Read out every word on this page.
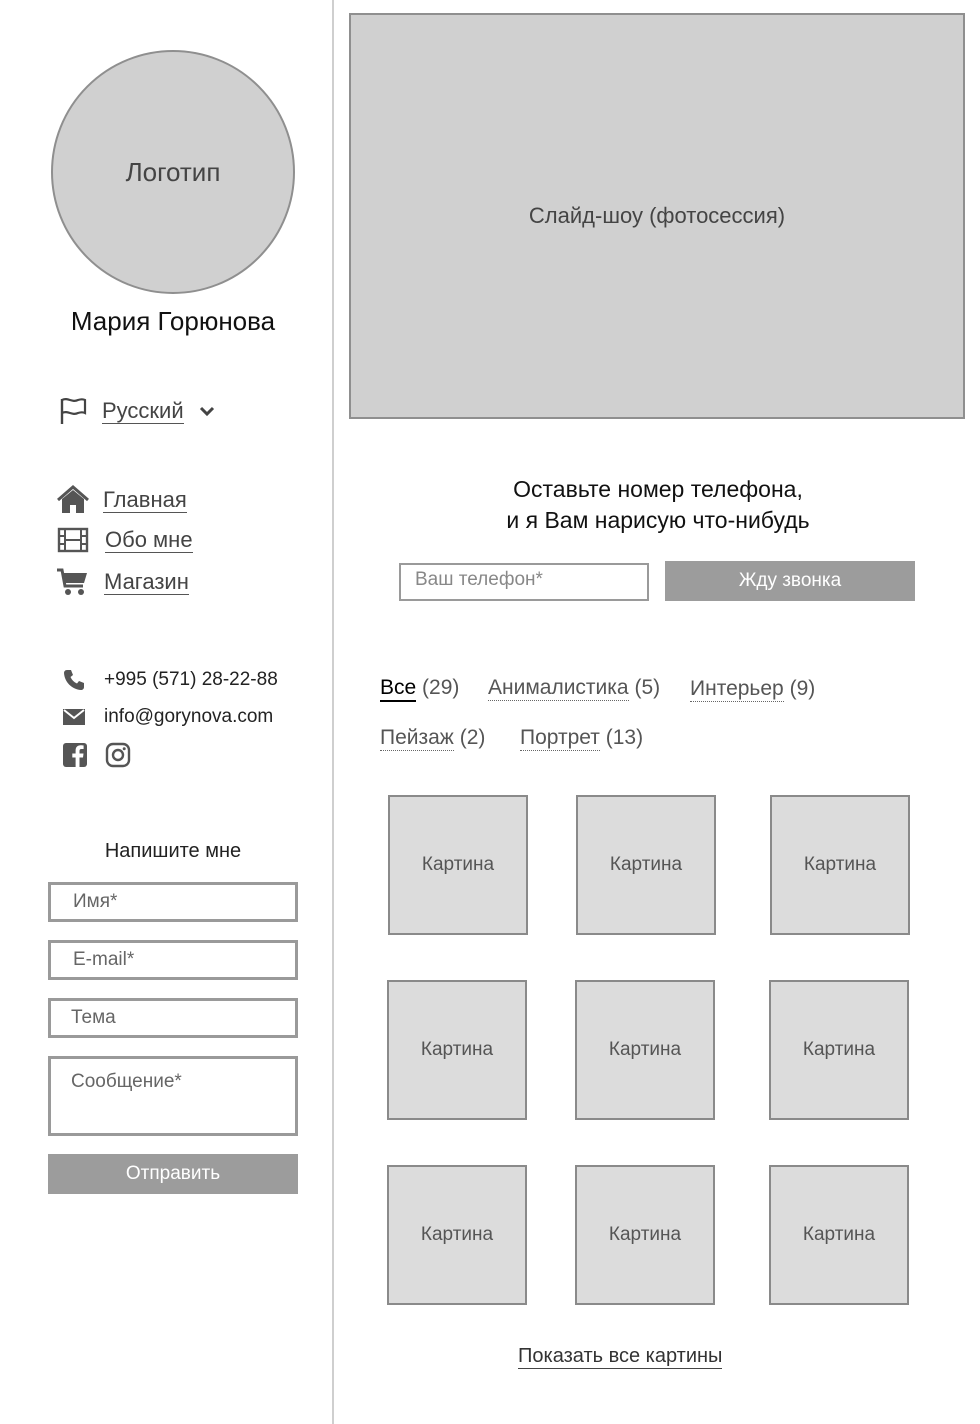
Логотип
Мария Горюнова
Русский
Главная
Обо мне
Магазин
+995 (571) 28-22-88
info@gorynova.com
Напишите мне
Имя*
E-mail*
Тема
Сообщение*
Отправить
Слайд-шоу (фотосессия)
Оставьте номер телефона,
и я Вам нарисую что-нибудь
Ваш телефон*	Жду звонка
Все (29) Анималистика (5) Интерьер (9)
Пейзаж (2) Портрет (13)
Картина	Картина	Картина
Картина	Картина	Картина
Картина	Картина	Картина
Показать все картины
